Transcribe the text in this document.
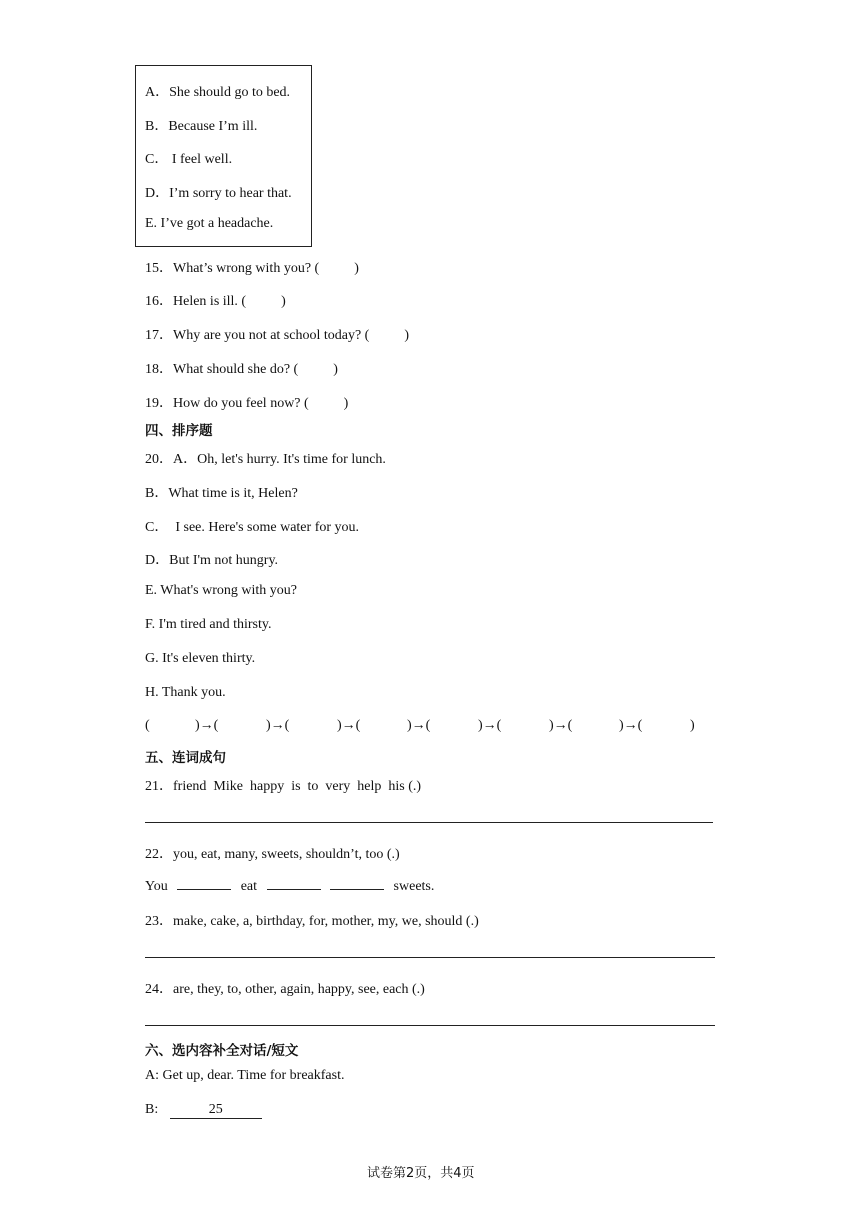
A．She should go to bed.
B．Because I’m ill.
C． I feel well.
D．I’m sorry to hear that.
E. I’ve got a headache.
15．What’s wrong with you? (          )
16．Helen is ill. (          )
17．Why are you not at school today? (          )
18．What should she do? (          )
19．How do you feel now? (          )
四、排序题
20．A．Oh, let's hurry. It's time for lunch.
B．What time is it, Helen?
C．  I see. Here's some water for you.
D．But I'm not hungry.
E. What's wrong with you?
F. I'm tired and thirsty.
G. It's eleven thirty.
H. Thank you.
(	)→(	)→(	)→(	)→(	)→(	)→(	)→(	)
五、连词成句
21．friend  Mike  happy  is  to  very  help  his (.)
22．you, eat, many, sweets, shouldn’t, too (.)
You	eat	sweets.
23．make, cake, a, birthday, for, mother, my, we, should (.)
24．are, they, to, other, again, happy, see, each (.)
六、选内容补全对话/短文
A: Get up, dear. Time for breakfast.
B:	25
试卷第2页，共4页
